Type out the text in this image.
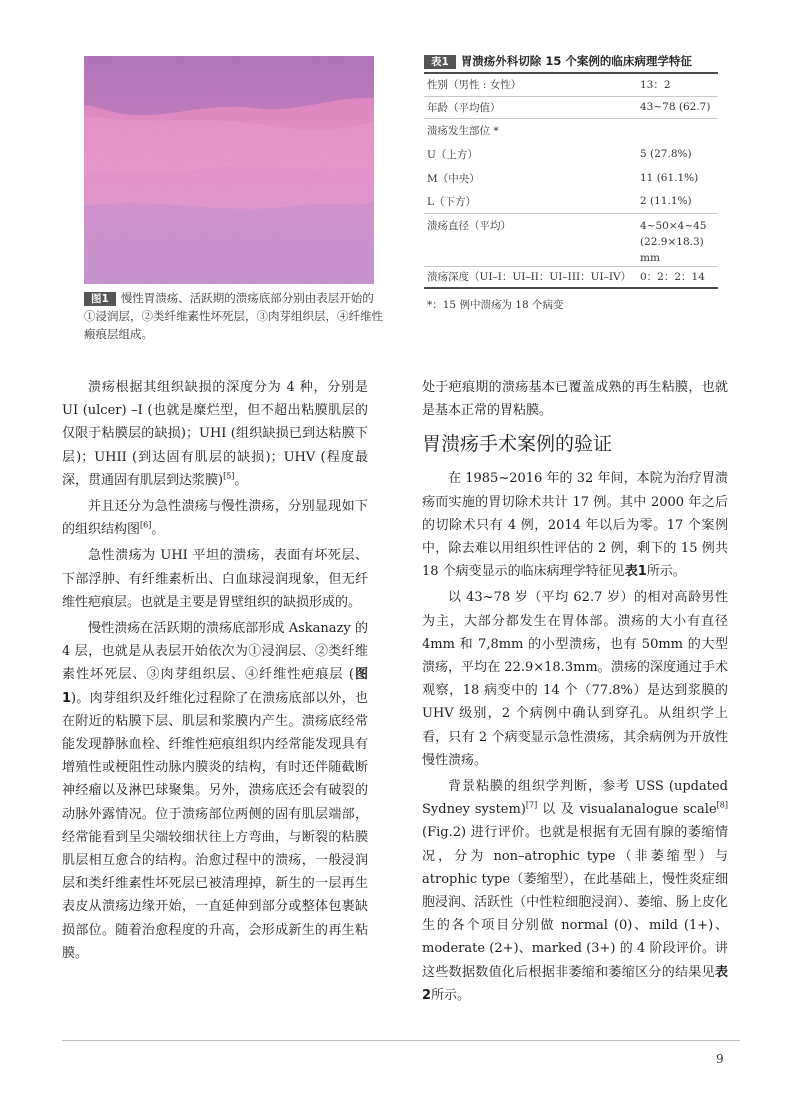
图1 慢性胃溃疡、活跃期的溃疡底部分别由表层开始的①浸润层，②类纤维素性坏死层，③肉芽组织层，④纤维性瘢痕层组成。
表1 胃溃疡外科切除 15 个案例的临床病理学特征
性别（男性 : 女性）	13：2
年龄（平均值）	43~78 (62.7)
溃疡发生部位 *	
U（上方）	5 (27.8%)
M（中央）	11 (61.1%)
L（下方）	2 (11.1%)
溃疡直径（平均）	4~50×4~45
(22.9×18.3) mm
溃疡深度（UI–I：UI–II：UI–III：UI–IV）	0：2：2：14
*：15 例中溃疡为 18 个病变

溃疡根据其组织缺损的深度分为 4 种，分别是 UI (ulcer) –I (也就是糜烂型，但不超出粘膜肌层的仅限于粘膜层的缺损)；UHI (组织缺损已到达粘膜下层)；UHII (到达固有肌层的缺损)；UHV (程度最深，贯通固有肌层到达浆膜)[5]。

并且还分为急性溃疡与慢性溃疡，分别显现如下的组织结构图[6]。

急性溃疡为 UHI 平坦的溃疡，表面有坏死层、下部浮肿、有纤维素析出、白血球浸润现象，但无纤维性疤痕层。也就是主要是胃壁组织的缺损形成的。

慢性溃疡在活跃期的溃疡底部形成 Askanazy 的 4 层，也就是从表层开始依次为①浸润层、②类纤维素性坏死层、③肉芽组织层、④纤维性疤痕层 (图1)。肉芽组织及纤维化过程除了在溃疡底部以外，也在附近的粘膜下层、肌层和浆膜内产生。溃疡底经常能发现静脉血栓、纤维性疤痕组织内经常能发现具有增殖性或梗阻性动脉内膜炎的结构，有时还伴随截断神经瘤以及淋巴球聚集。另外，溃疡底还会有破裂的动脉外露情况。位于溃疡部位两侧的固有肌层端部，经常能看到呈尖端较细状往上方弯曲，与断裂的粘膜肌层相互愈合的结构。治愈过程中的溃疡，一般浸润层和类纤维素性坏死层已被清理掉，新生的一层再生表皮从溃疡边缘开始，一直延伸到部分或整体包裹缺损部位。随着治愈程度的升高，会形成新生的再生粘膜。

处于疤痕期的溃疡基本已覆盖成熟的再生粘膜，也就是基本正常的胃粘膜。

胃溃疡手术案例的验证

在 1985~2016 年的 32 年间，本院为治疗胃溃疡而实施的胃切除术共计 17 例。其中 2000 年之后的切除术只有 4 例，2014 年以后为零。17 个案例中，除去难以用组织性评估的 2 例，剩下的 15 例共 18 个病变显示的临床病理学特征见表1所示。

以 43~78 岁（平均 62.7 岁）的相对高龄男性为主，大部分都发生在胃体部。溃疡的大小有直径 4mm 和 7,8mm 的小型溃疡，也有 50mm 的大型溃疡，平均在 22.9×18.3mm。溃疡的深度通过手术观察，18 病变中的 14 个（77.8%）是达到浆膜的 UHV 级别，2 个病例中确认到穿孔。从组织学上看，只有 2 个病变显示急性溃疡，其余病例为开放性慢性溃疡。

背景粘膜的组织学判断，参考 USS (updated Sydney system)[7] 以 及 visualanalogue scale[8] (Fig.2) 进行评价。也就是根据有无固有腺的萎缩情况，分为 non–atrophic type（非萎缩型）与 atrophic type（萎缩型），在此基础上，慢性炎症细胞浸润、活跃性（中性粒细胞浸润）、萎缩、肠上皮化生的各个项目分别做 normal (0)、mild (1+)、moderate (2+)、marked (3+) 的 4 阶段评价。讲这些数据数值化后根据非萎缩和萎缩区分的结果见表 2所示。

9
